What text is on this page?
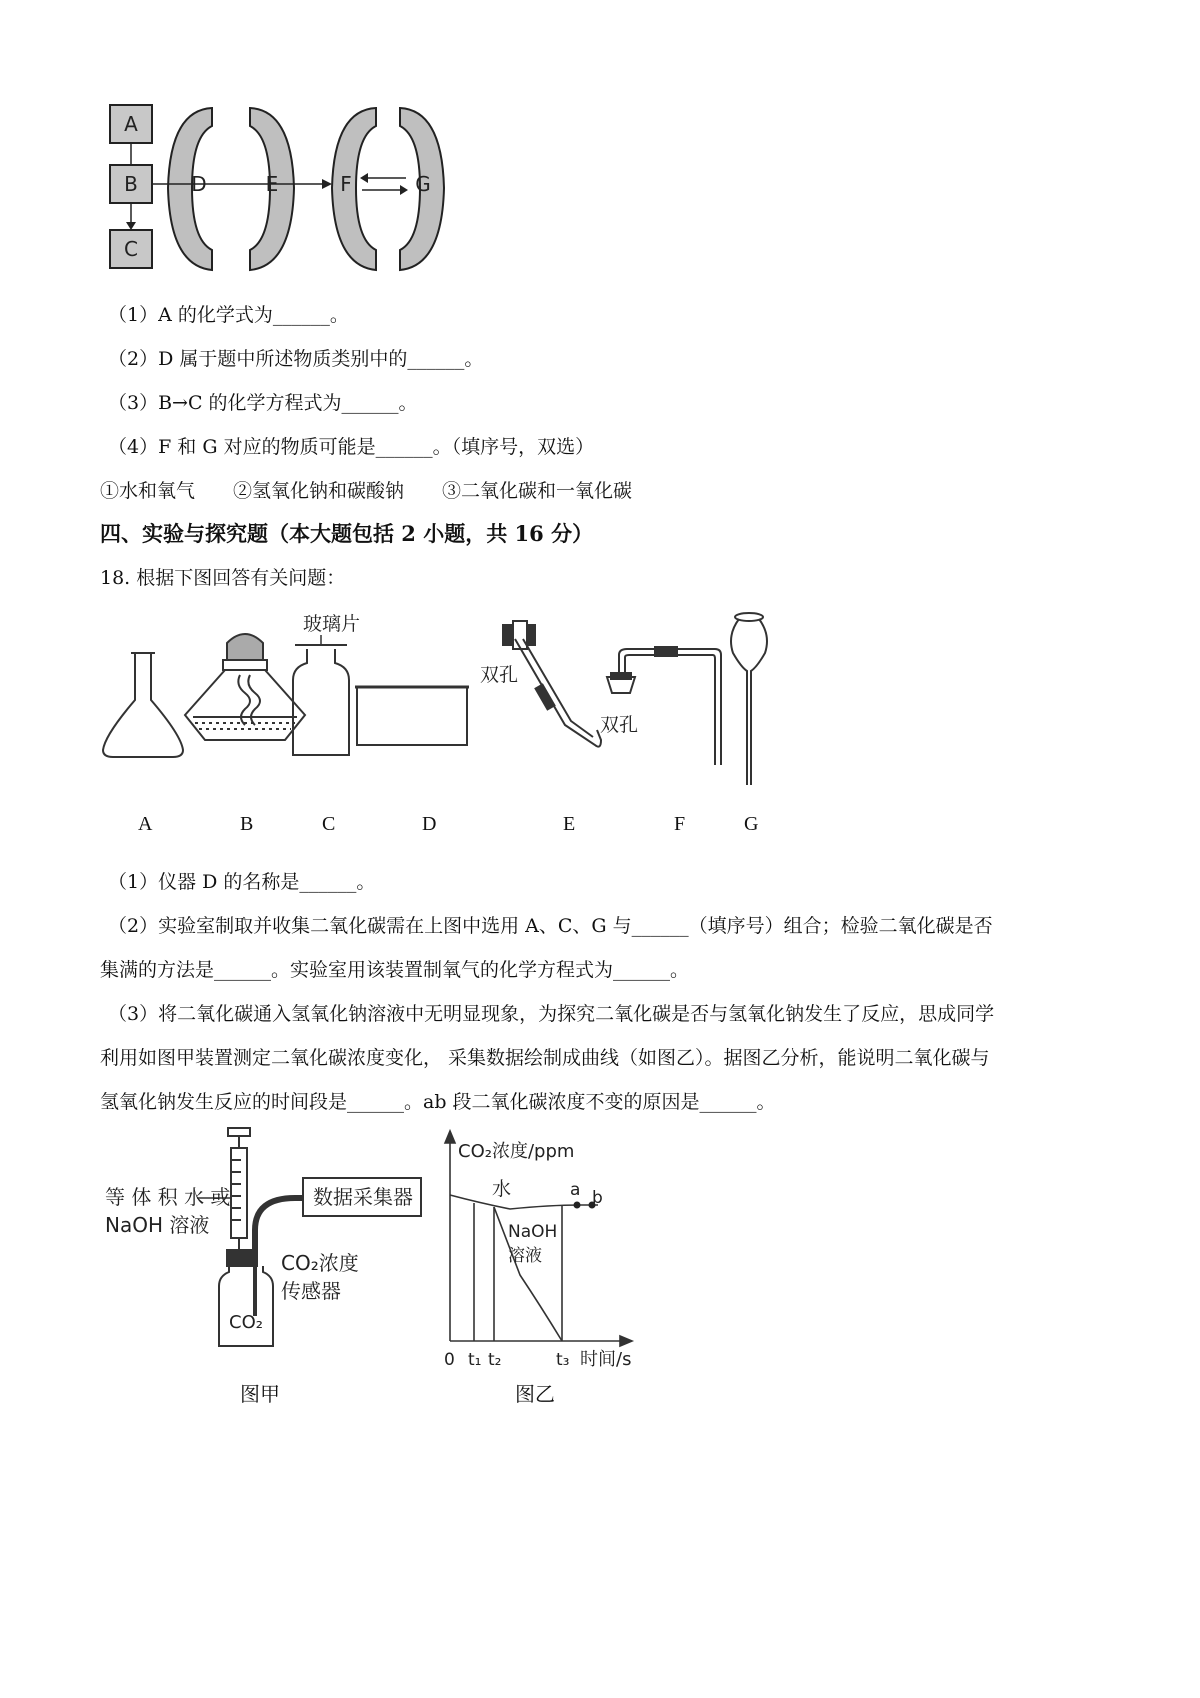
A
B
C
D	E	F	G
（1）A 的化学式为______。
（2）D 属于题中所述物质类别中的______。
（3）B→C 的化学方程式为______。
（4）F 和 G 对应的物质可能是______。（填序号，双选）
①水和氧气　　②氢氧化钠和碳酸钠　　③二氧化碳和一氧化碳
四、实验与探究题（本大题包括 2 小题，共 16 分）
18. 根据下图回答有关问题：
玻璃片
双孔
双孔
A	B	C	D	E	F	G
（1）仪器 D 的名称是______。
（2）实验室制取并收集二氧化碳需在上图中选用 A、C、G 与______（填序号）组合；检验二氧化碳是否
集满的方法是______。实验室用该装置制氧气的化学方程式为______。
（3）将二氧化碳通入氢氧化钠溶液中无明显现象，为探究二氧化碳是否与氢氧化钠发生了反应，思成同学
利用如图甲装置测定二氧化碳浓度变化， 采集数据绘制成曲线（如图乙）。据图乙分析，能说明二氧化碳与
氢氧化钠发生反应的时间段是______。ab 段二氧化碳浓度不变的原因是______。
等 体 积 水 或
NaOH 溶液
数据采集器
CO₂浓度
传感器
CO₂
图甲
CO₂浓度/ppm
水	a b
NaOH
溶液
0 t₁ t₂	t₃ 时间/s
图乙
